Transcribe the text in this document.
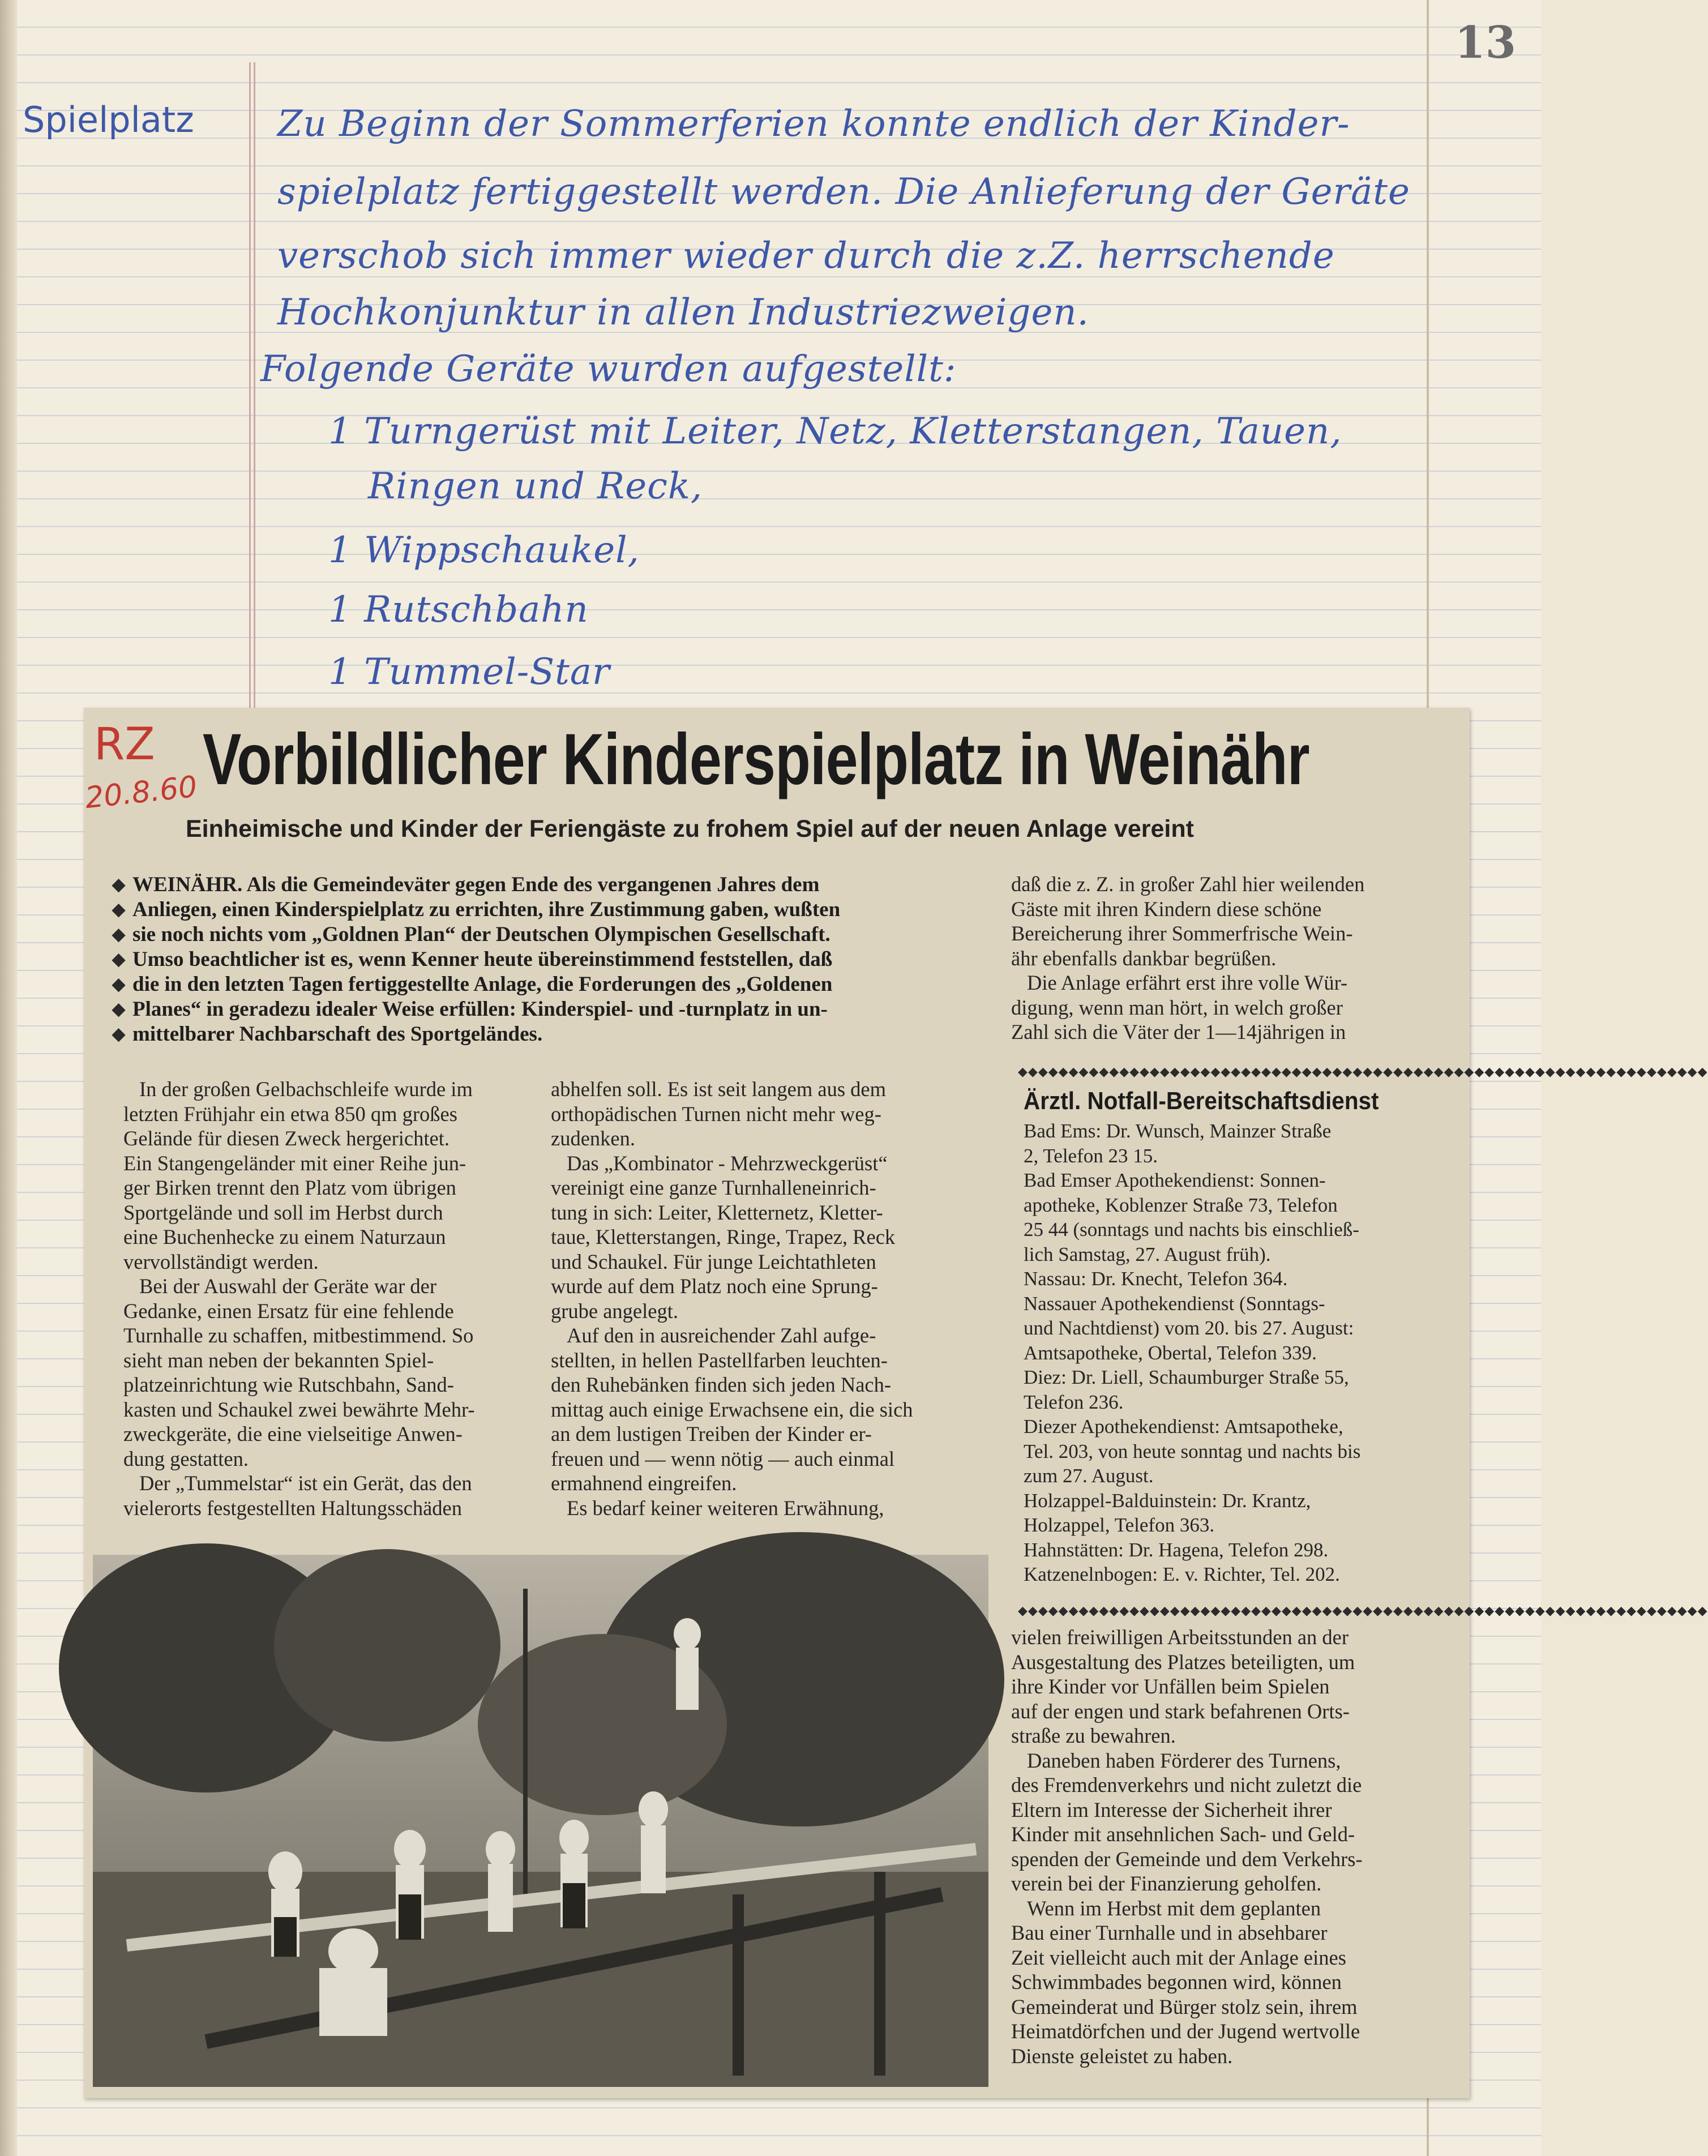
13
Spielplatz Zu Beginn der Sommerferien konnte endlich der Kinder-
spielplatz fertiggestellt werden. Die Anlieferung der Geräte
verschob sich immer wieder durch die z.Z. herrschende
Hochkonjunktur in allen Industriezweigen.
Folgende Geräte wurden aufgestellt:
1 Turngerüst mit Leiter, Netz, Kletterstangen, Tauen,
Ringen und Reck,
1 Wippschaukel,
1 Rutschbahn
1 Tummel-Star
RZ
20.8.60 Vorbildlicher Kinderspielplatz in Weinähr
Einheimische und Kinder der Feriengäste zu frohem Spiel auf der neuen Anlage vereint
◆ WEINÄHR. Als die Gemeindeväter gegen Ende des vergangenen Jahres dem
◆ Anliegen, einen Kinderspielplatz zu errichten, ihre Zustimmung gaben, wußten
◆ sie noch nichts vom „Goldnen Plan“ der Deutschen Olympischen Gesellschaft.
◆ Umso beachtlicher ist es, wenn Kenner heute übereinstimmend feststellen, daß
◆ die in den letzten Tagen fertiggestellte Anlage, die Forderungen des „Goldenen
◆ Planes“ in geradezu idealer Weise erfüllen: Kinderspiel- und -turnplatz in un-
◆ mittelbarer Nachbarschaft des Sportgeländes.
In der großen Gelbachschleife wurde im
letzten Frühjahr ein etwa 850 qm großes
Gelände für diesen Zweck hergerichtet.
Ein Stangengeländer mit einer Reihe jun-
ger Birken trennt den Platz vom übrigen
Sportgelände und soll im Herbst durch
eine Buchenhecke zu einem Naturzaun
vervollständigt werden.
Bei der Auswahl der Geräte war der
Gedanke, einen Ersatz für eine fehlende
Turnhalle zu schaffen, mitbestimmend. So
sieht man neben der bekannten Spiel-
platzeinrichtung wie Rutschbahn, Sand-
kasten und Schaukel zwei bewährte Mehr-
zweckgeräte, die eine vielseitige Anwen-
dung gestatten.
Der „Tummelstar“ ist ein Gerät, das den
vielerorts festgestellten Haltungsschäden
abhelfen soll. Es ist seit langem aus dem
orthopädischen Turnen nicht mehr weg-
zudenken.
Das „Kombinator - Mehrzweckgerüst“
vereinigt eine ganze Turnhalleneinrich-
tung in sich: Leiter, Kletternetz, Kletter-
taue, Kletterstangen, Ringe, Trapez, Reck
und Schaukel. Für junge Leichtathleten
wurde auf dem Platz noch eine Sprung-
grube angelegt.
Auf den in ausreichender Zahl aufge-
stellten, in hellen Pastellfarben leuchten-
den Ruhebänken finden sich jeden Nach-
mittag auch einige Erwachsene ein, die sich
an dem lustigen Treiben der Kinder er-
freuen und — wenn nötig — auch einmal
ermahnend eingreifen.
Es bedarf keiner weiteren Erwähnung,
daß die z. Z. in großer Zahl hier weilenden
Gäste mit ihren Kindern diese schöne
Bereicherung ihrer Sommerfrische Wein-
ähr ebenfalls dankbar begrüßen.
Die Anlage erfährt erst ihre volle Wür-
digung, wenn man hört, in welch großer
Zahl sich die Väter der 1—14jährigen in
◆◆◆◆◆◆◆◆◆◆◆◆◆◆◆◆◆◆◆◆◆◆◆◆◆◆◆◆◆◆◆◆◆◆◆◆◆◆◆◆◆◆◆◆◆◆◆◆◆◆◆◆◆◆◆◆◆◆◆◆◆◆◆◆◆◆◆◆
Ärztl. Notfall-Bereitschaftsdienst
Bad Ems: Dr. Wunsch, Mainzer Straße
2, Telefon 23 15.
Bad Emser Apothekendienst: Sonnen-
apotheke, Koblenzer Straße 73, Telefon
25 44 (sonntags und nachts bis einschließ-
lich Samstag, 27. August früh).
Nassau: Dr. Knecht, Telefon 364.
Nassauer Apothekendienst (Sonntags-
und Nachtdienst) vom 20. bis 27. August:
Amtsapotheke, Obertal, Telefon 339.
Diez: Dr. Liell, Schaumburger Straße 55,
Telefon 236.
Diezer Apothekendienst: Amtsapotheke,
Tel. 203, von heute sonntag und nachts bis
zum 27. August.
Holzappel-Balduinstein: Dr. Krantz,
Holzappel, Telefon 363.
Hahnstätten: Dr. Hagena, Telefon 298.
Katzenelnbogen: E. v. Richter, Tel. 202.
◆◆◆◆◆◆◆◆◆◆◆◆◆◆◆◆◆◆◆◆◆◆◆◆◆◆◆◆◆◆◆◆◆◆◆◆◆◆◆◆◆◆◆◆◆◆◆◆◆◆◆◆◆◆◆◆◆◆◆◆◆◆◆◆◆◆◆◆
vielen freiwilligen Arbeitsstunden an der
Ausgestaltung des Platzes beteiligten, um
ihre Kinder vor Unfällen beim Spielen
auf der engen und stark befahrenen Orts-
straße zu bewahren.
Daneben haben Förderer des Turnens,
des Fremdenverkehrs und nicht zuletzt die
Eltern im Interesse der Sicherheit ihrer
Kinder mit ansehnlichen Sach- und Geld-
spenden der Gemeinde und dem Verkehrs-
verein bei der Finanzierung geholfen.
Wenn im Herbst mit dem geplanten
Bau einer Turnhalle und in absehbarer
Zeit vielleicht auch mit der Anlage eines
Schwimmbades begonnen wird, können
Gemeinderat und Bürger stolz sein, ihrem
Heimatdörfchen und der Jugend wertvolle
Dienste geleistet zu haben.
